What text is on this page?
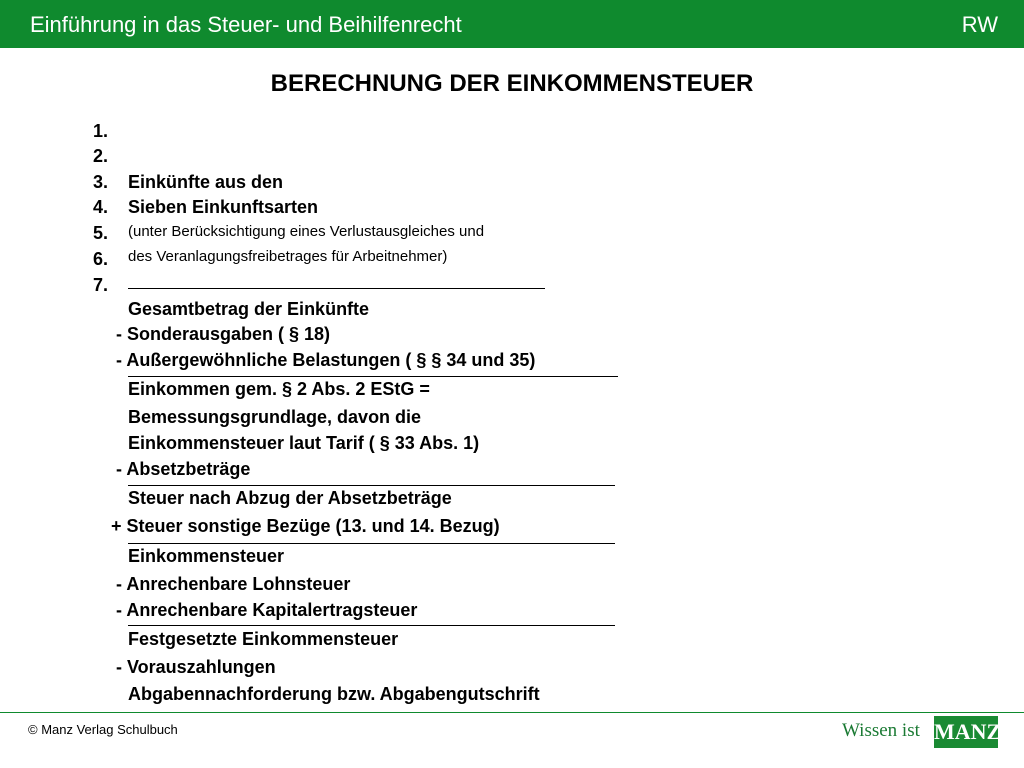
Einführung in das Steuer- und Beihilfenrecht	RW
BERECHNUNG DER EINKOMMENSTEUER
1.
2.
3.
4.
5.
6.
7.
Einkünfte aus den
Sieben Einkunftsarten
(unter Berücksichtigung eines Verlustausgleiches und
des Veranlagungsfreibetrages für Arbeitnehmer)
Gesamtbetrag der Einkünfte
- Sonderausgaben ( § 18)
- Außergewöhnliche Belastungen ( § § 34 und 35)
Einkommen gem. § 2 Abs. 2 EStG =
Bemessungsgrundlage, davon die
Einkommensteuer laut Tarif ( § 33 Abs. 1)
- Absetzbeträge
Steuer nach Abzug der Absetzbeträge
+ Steuer sonstige Bezüge (13. und 14. Bezug)
Einkommensteuer
- Anrechenbare Lohnsteuer
- Anrechenbare Kapitalertragsteuer
Festgesetzte Einkommensteuer
- Vorauszahlungen
Abgabennachforderung bzw. Abgabengutschrift
© Manz Verlag Schulbuch	Wissen ist MANZ
